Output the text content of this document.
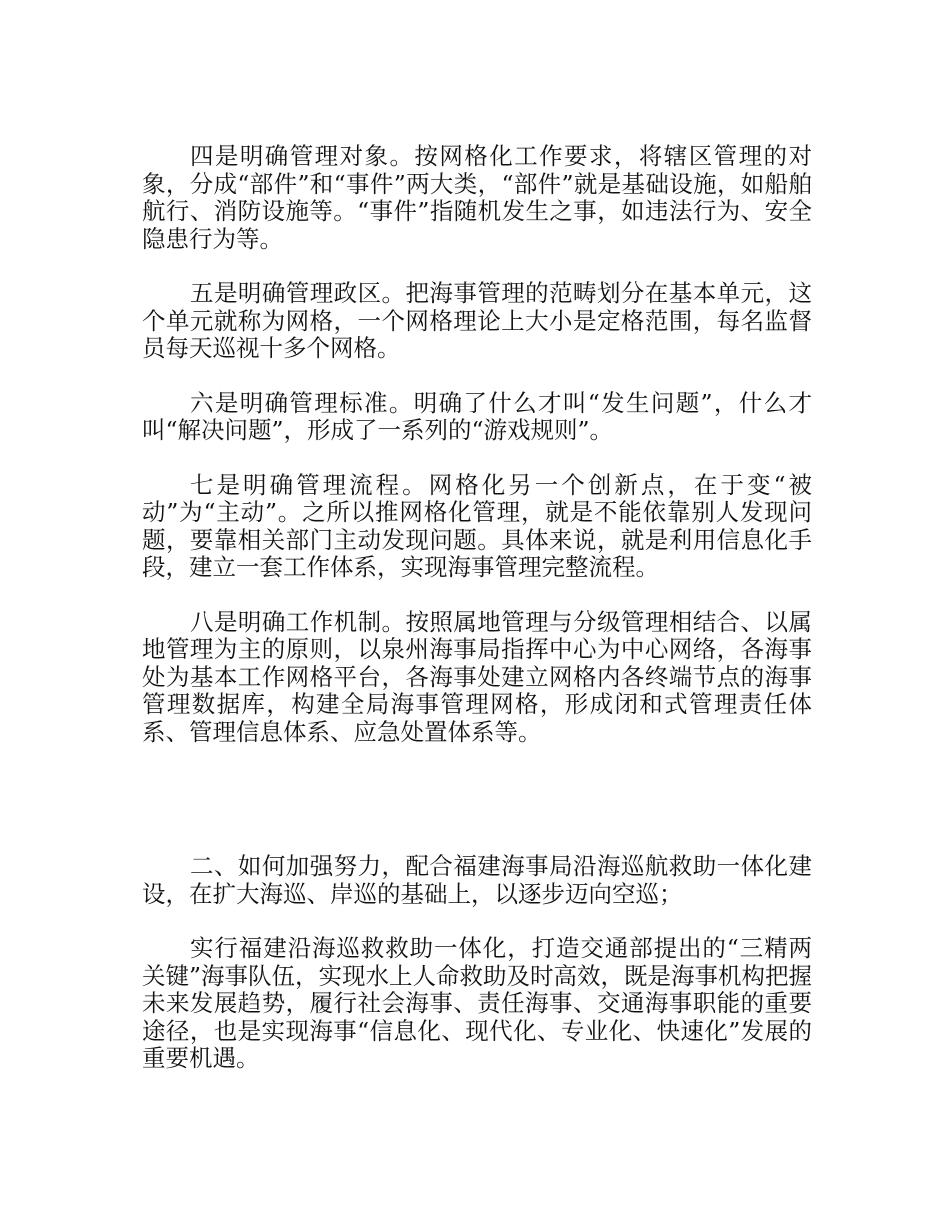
四是明确管理对象。按网格化工作要求，将辖区管理的对象，分成“部件”和“事件”两大类，“部件”就是基础设施，如船舶航行、消防设施等。“事件”指随机发生之事，如违法行为、安全隐患行为等。

五是明确管理政区。把海事管理的范畴划分在基本单元，这个单元就称为网格，一个网格理论上大小是定格范围，每名监督员每天巡视十多个网格。

六是明确管理标准。明确了什么才叫“发生问题”，什么才叫“解决问题”，形成了一系列的“游戏规则”。

七是明确管理流程。网格化另一个创新点，在于变“被动”为“主动”。之所以推网格化管理，就是不能依靠别人发现问题，要靠相关部门主动发现问题。具体来说，就是利用信息化手段，建立一套工作体系，实现海事管理完整流程。

八是明确工作机制。按照属地管理与分级管理相结合、以属地管理为主的原则，以泉州海事局指挥中心为中心网络，各海事处为基本工作网格平台，各海事处建立网格内各终端节点的海事管理数据库，构建全局海事管理网格，形成闭和式管理责任体系、管理信息体系、应急处置体系等。

二、如何加强努力，配合福建海事局沿海巡航救助一体化建设，在扩大海巡、岸巡的基础上，以逐步迈向空巡；

实行福建沿海巡救救助一体化，打造交通部提出的“三精两关键”海事队伍，实现水上人命救助及时高效，既是海事机构把握未来发展趋势，履行社会海事、责任海事、交通海事职能的重要途径，也是实现海事“信息化、现代化、专业化、快速化”发展的重要机遇。
